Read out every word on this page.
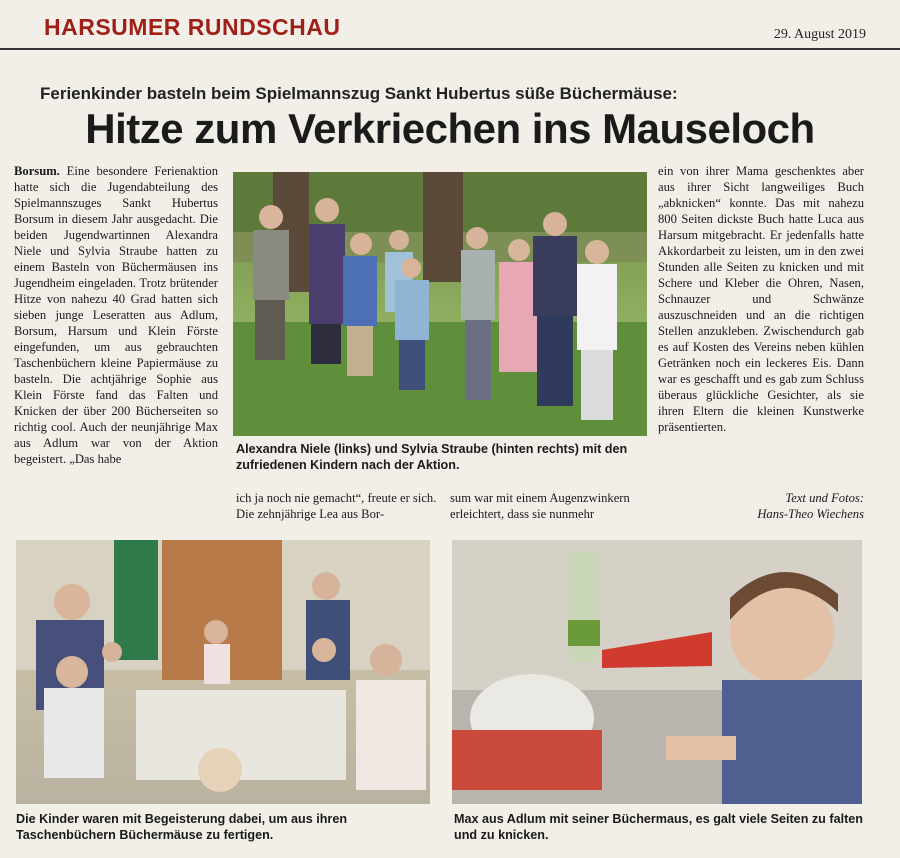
HARSUMER RUNDSCHAU	29. August 2019
Ferienkinder basteln beim Spielmannszug Sankt Hubertus süße Büchermäuse:
Hitze zum Verkriechen ins Mauseloch
Borsum. Eine besondere Ferienaktion hatte sich die Jugendabteilung des Spielmannszuges Sankt Hubertus Borsum in diesem Jahr ausgedacht. Die beiden Jugendwartinnen Alexandra Niele und Sylvia Straube hatten zu einem Basteln von Büchermäusen ins Jugendheim eingeladen. Trotz brütender Hitze von nahezu 40 Grad hatten sich sieben junge Leseratten aus Adlum, Borsum, Harsum und Klein Förste eingefunden, um aus gebrauchten Taschenbüchern kleine Papiermäuse zu basteln. Die achtjährige Sophie aus Klein Förste fand das Falten und Knicken der über 200 Bücherseiten so richtig cool. Auch der neunjährige Max aus Adlum war von der Aktion begeistert. „Das habe
Alexandra Niele (links) und Sylvia Straube (hinten rechts) mit den zufriedenen Kindern nach der Aktion.
ein von ihrer Mama geschenktes aber aus ihrer Sicht langweiliges Buch „abknicken“ konnte. Das mit nahezu 800 Seiten dickste Buch hatte Luca aus Harsum mitgebracht. Er jedenfalls hatte Akkordarbeit zu leisten, um in den zwei Stunden alle Seiten zu knicken und mit Schere und Kleber die Ohren, Nasen, Schnauzer und Schwänze auszuschneiden und an die richtigen Stellen anzukleben. Zwischendurch gab es auf Kosten des Vereins neben kühlen Getränken noch ein leckeres Eis. Dann war es geschafft und es gab zum Schluss überaus glückliche Gesichter, als sie ihren Eltern die kleinen Kunstwerke präsentierten.
Text und Fotos:
Hans-Theo Wiechens
ich ja noch nie gemacht“, freute er sich. Die zehnjährige Lea aus Bor-
sum war mit einem Augenzwinkern erleichtert, dass sie nunmehr
Die Kinder waren mit Begeisterung dabei, um aus ihren Taschenbüchern Büchermäuse zu fertigen.
Max aus Adlum mit seiner Büchermaus, es galt viele Seiten zu falten und zu knicken.
